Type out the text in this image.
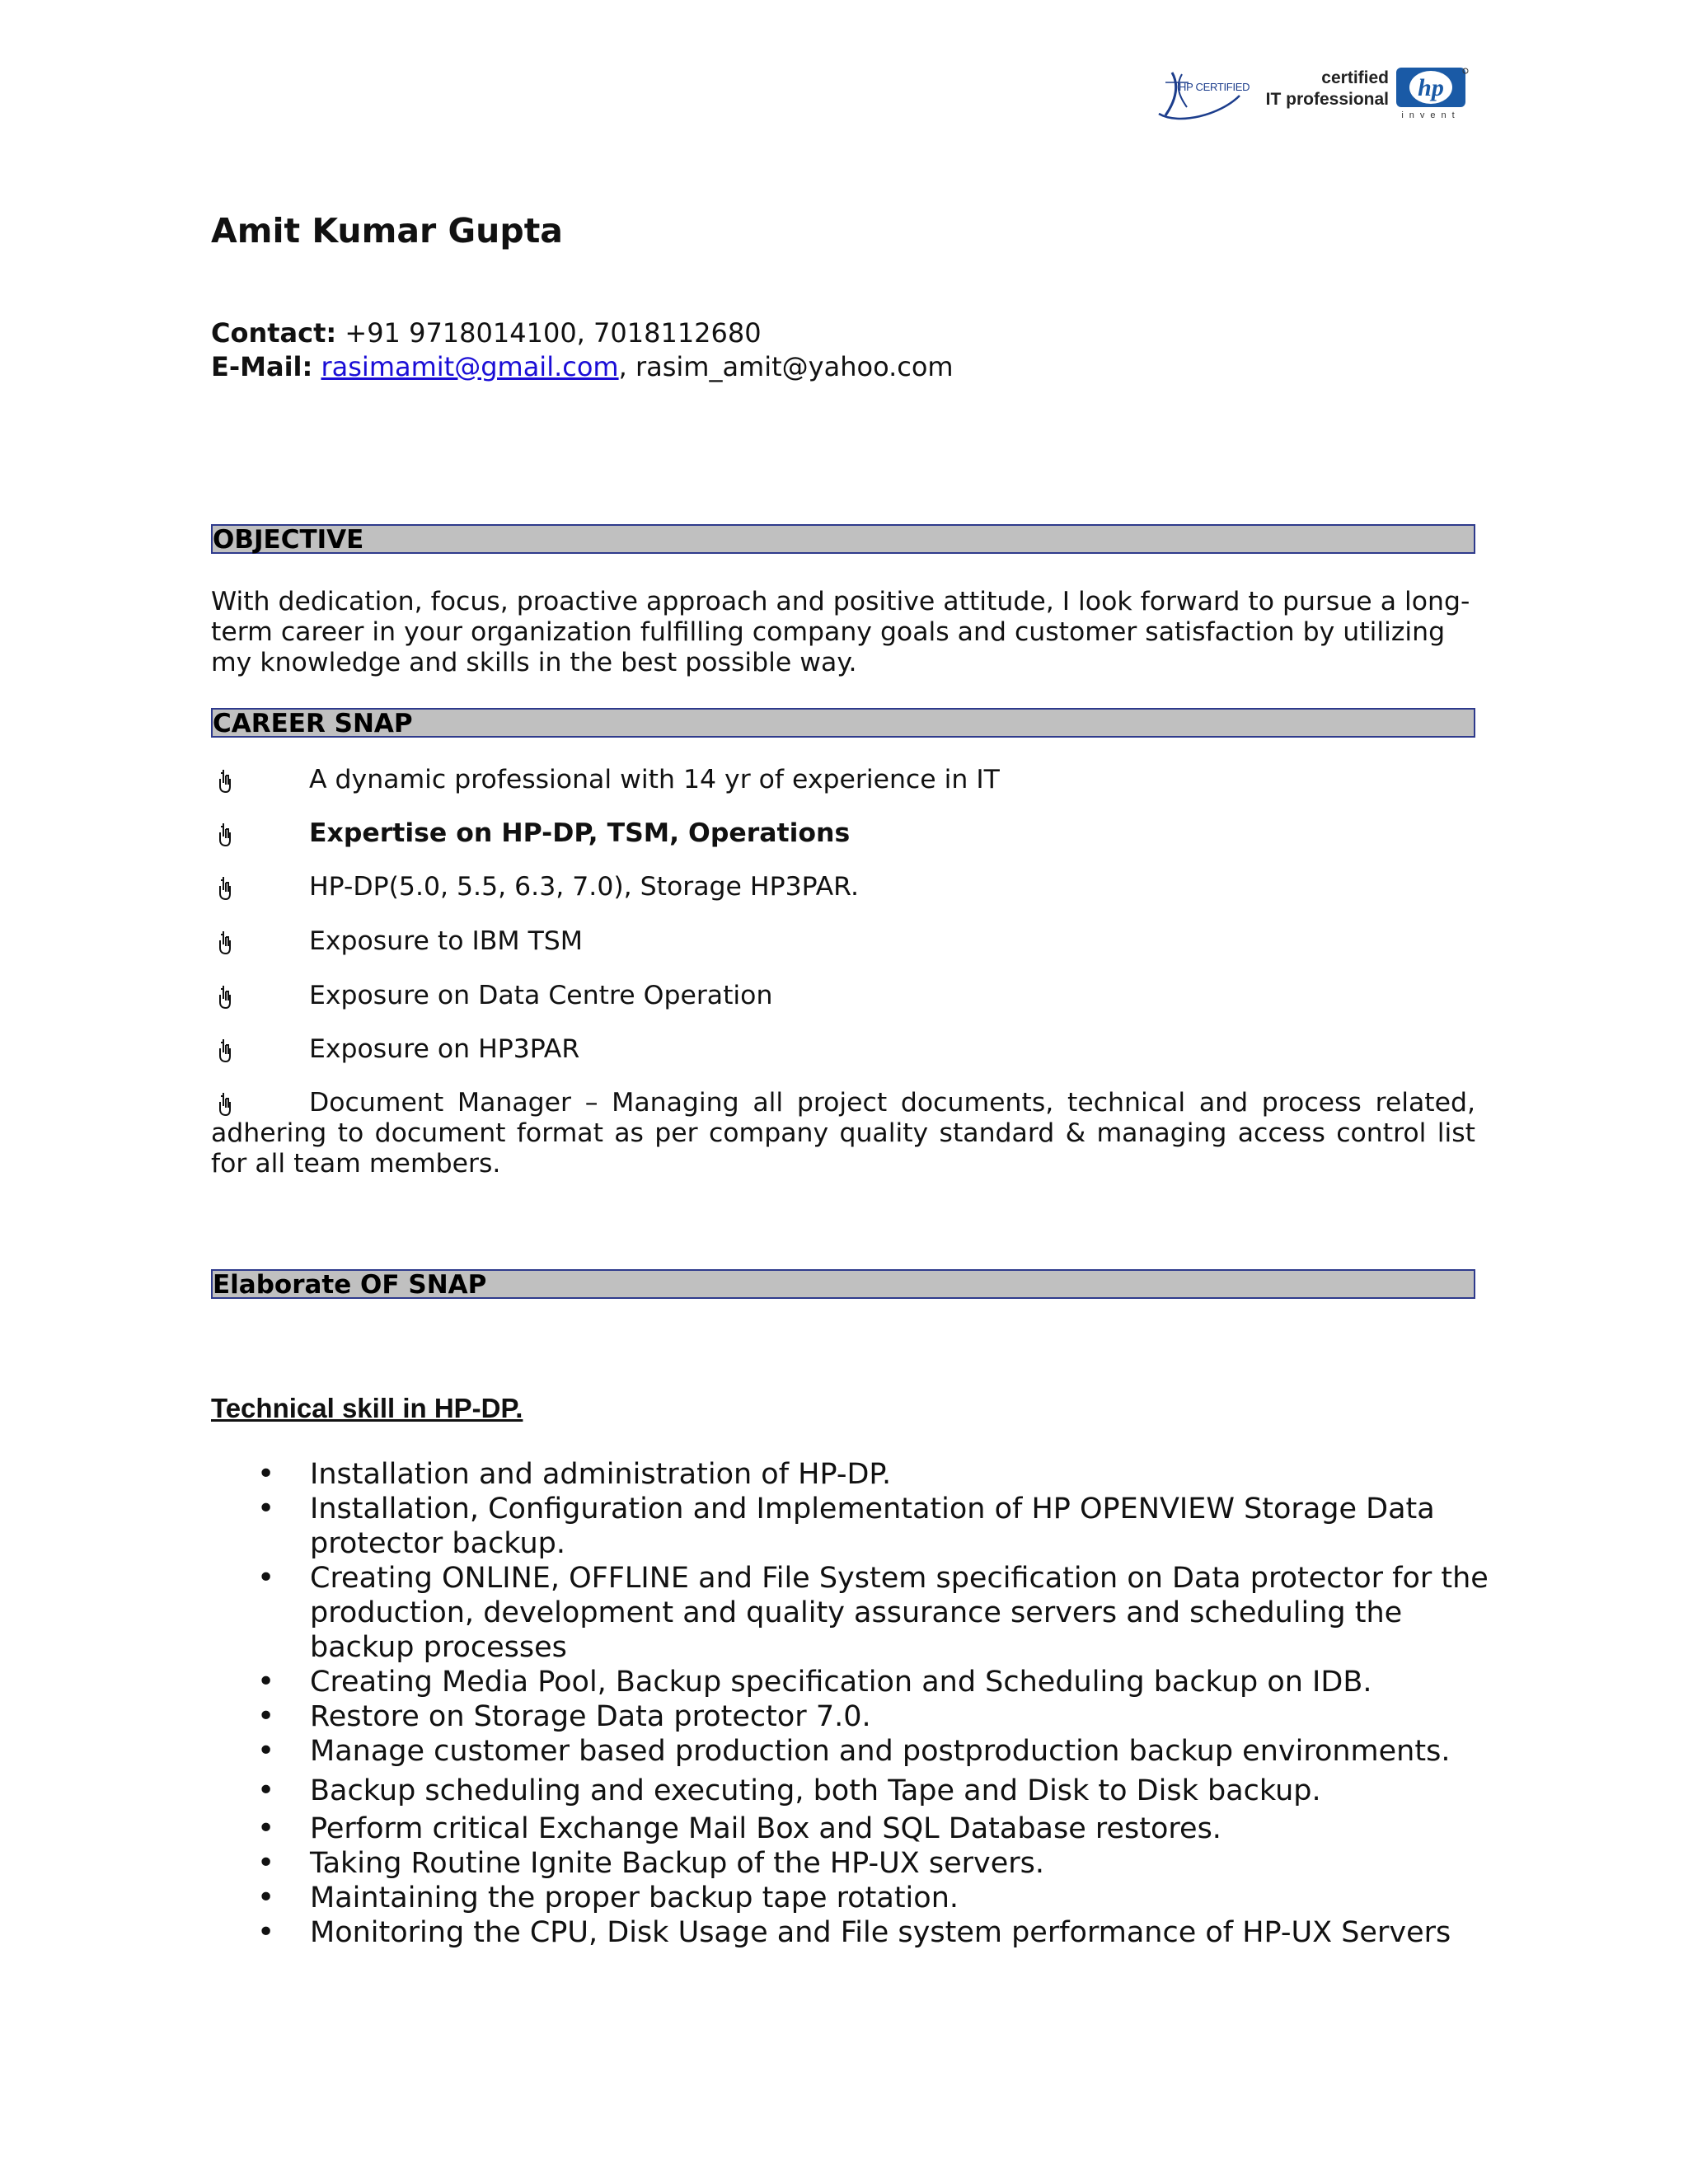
HP CERTIFIED	certified
IT professional hp
invent
Amit Kumar Gupta
Contact: +91 9718014100, 7018112680
E-Mail: rasimamit@gmail.com, rasim_amit@yahoo.com
OBJECTIVE
With dedication, focus, proactive approach and positive attitude, I look forward to pursue a long-term career in your organization fulfilling company goals and customer satisfaction by utilizing my knowledge and skills in the best possible way.
CAREER SNAP
A dynamic professional with 14 yr of experience in IT
Expertise on HP-DP, TSM, Operations
HP-DP(5.0, 5.5, 6.3, 7.0), Storage HP3PAR.
Exposure to IBM TSM
Exposure on Data Centre Operation
Exposure on HP3PAR
Document Manager – Managing all project documents, technical and process related, adhering to document format as per company quality standard & managing access control list for all team members.
Elaborate OF SNAP
Technical skill in HP-DP.
• Installation and administration of HP-DP.
• Installation, Configuration and Implementation of HP OPENVIEW Storage Data protector backup.
• Creating ONLINE, OFFLINE and File System specification on Data protector for the production, development and quality assurance servers and scheduling the backup processes
• Creating Media Pool, Backup specification and Scheduling backup on IDB.
• Restore on Storage Data protector 7.0.
• Manage customer based production and postproduction backup environments.
• Backup scheduling and executing, both Tape and Disk to Disk backup.
• Perform critical Exchange Mail Box and SQL Database restores.
• Taking Routine Ignite Backup of the HP-UX servers.
• Maintaining the proper backup tape rotation.
• Monitoring the CPU, Disk Usage and File system performance of HP-UX Servers
